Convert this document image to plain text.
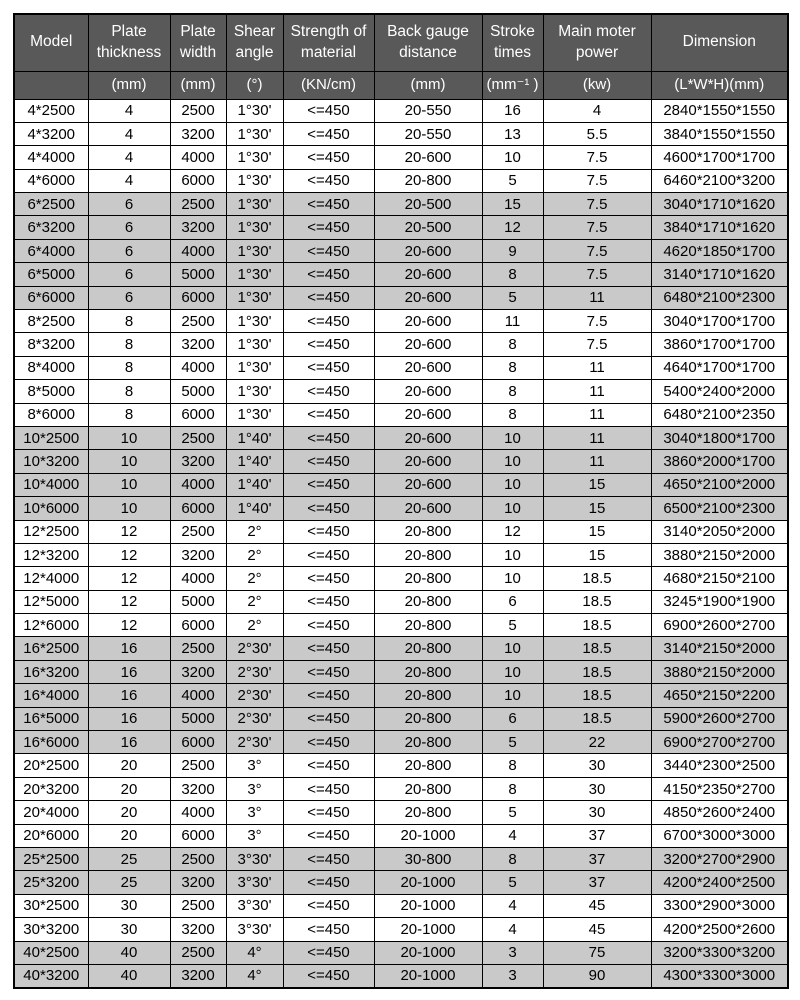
Model	Plate thickness	Plate width	Shear angle	Strength of material	Back gauge distance	Stroke times	Main moter power	Dimension
	(mm)	(mm)	(°)	(KN/cm)	(mm)	(mm⁻¹ )	(kw)	(L*W*H)(mm)
4*2500	4	2500	1°30'	<=450	20-550	16	4	2840*1550*1550
4*3200	4	3200	1°30'	<=450	20-550	13	5.5	3840*1550*1550
4*4000	4	4000	1°30'	<=450	20-600	10	7.5	4600*1700*1700
4*6000	4	6000	1°30'	<=450	20-800	5	7.5	6460*2100*3200
6*2500	6	2500	1°30'	<=450	20-500	15	7.5	3040*1710*1620
6*3200	6	3200	1°30'	<=450	20-500	12	7.5	3840*1710*1620
6*4000	6	4000	1°30'	<=450	20-600	9	7.5	4620*1850*1700
6*5000	6	5000	1°30'	<=450	20-600	8	7.5	3140*1710*1620
6*6000	6	6000	1°30'	<=450	20-600	5	11	6480*2100*2300
8*2500	8	2500	1°30'	<=450	20-600	11	7.5	3040*1700*1700
8*3200	8	3200	1°30'	<=450	20-600	8	7.5	3860*1700*1700
8*4000	8	4000	1°30'	<=450	20-600	8	11	4640*1700*1700
8*5000	8	5000	1°30'	<=450	20-600	8	11	5400*2400*2000
8*6000	8	6000	1°30'	<=450	20-600	8	11	6480*2100*2350
10*2500	10	2500	1°40'	<=450	20-600	10	11	3040*1800*1700
10*3200	10	3200	1°40'	<=450	20-600	10	11	3860*2000*1700
10*4000	10	4000	1°40'	<=450	20-600	10	15	4650*2100*2000
10*6000	10	6000	1°40'	<=450	20-600	10	15	6500*2100*2300
12*2500	12	2500	2°	<=450	20-800	12	15	3140*2050*2000
12*3200	12	3200	2°	<=450	20-800	10	15	3880*2150*2000
12*4000	12	4000	2°	<=450	20-800	10	18.5	4680*2150*2100
12*5000	12	5000	2°	<=450	20-800	6	18.5	3245*1900*1900
12*6000	12	6000	2°	<=450	20-800	5	18.5	6900*2600*2700
16*2500	16	2500	2°30'	<=450	20-800	10	18.5	3140*2150*2000
16*3200	16	3200	2°30'	<=450	20-800	10	18.5	3880*2150*2000
16*4000	16	4000	2°30'	<=450	20-800	10	18.5	4650*2150*2200
16*5000	16	5000	2°30'	<=450	20-800	6	18.5	5900*2600*2700
16*6000	16	6000	2°30'	<=450	20-800	5	22	6900*2700*2700
20*2500	20	2500	3°	<=450	20-800	8	30	3440*2300*2500
20*3200	20	3200	3°	<=450	20-800	8	30	4150*2350*2700
20*4000	20	4000	3°	<=450	20-800	5	30	4850*2600*2400
20*6000	20	6000	3°	<=450	20-1000	4	37	6700*3000*3000
25*2500	25	2500	3°30'	<=450	30-800	8	37	3200*2700*2900
25*3200	25	3200	3°30'	<=450	20-1000	5	37	4200*2400*2500
30*2500	30	2500	3°30'	<=450	20-1000	4	45	3300*2900*3000
30*3200	30	3200	3°30'	<=450	20-1000	4	45	4200*2500*2600
40*2500	40	2500	4°	<=450	20-1000	3	75	3200*3300*3200
40*3200	40	3200	4°	<=450	20-1000	3	90	4300*3300*3000
